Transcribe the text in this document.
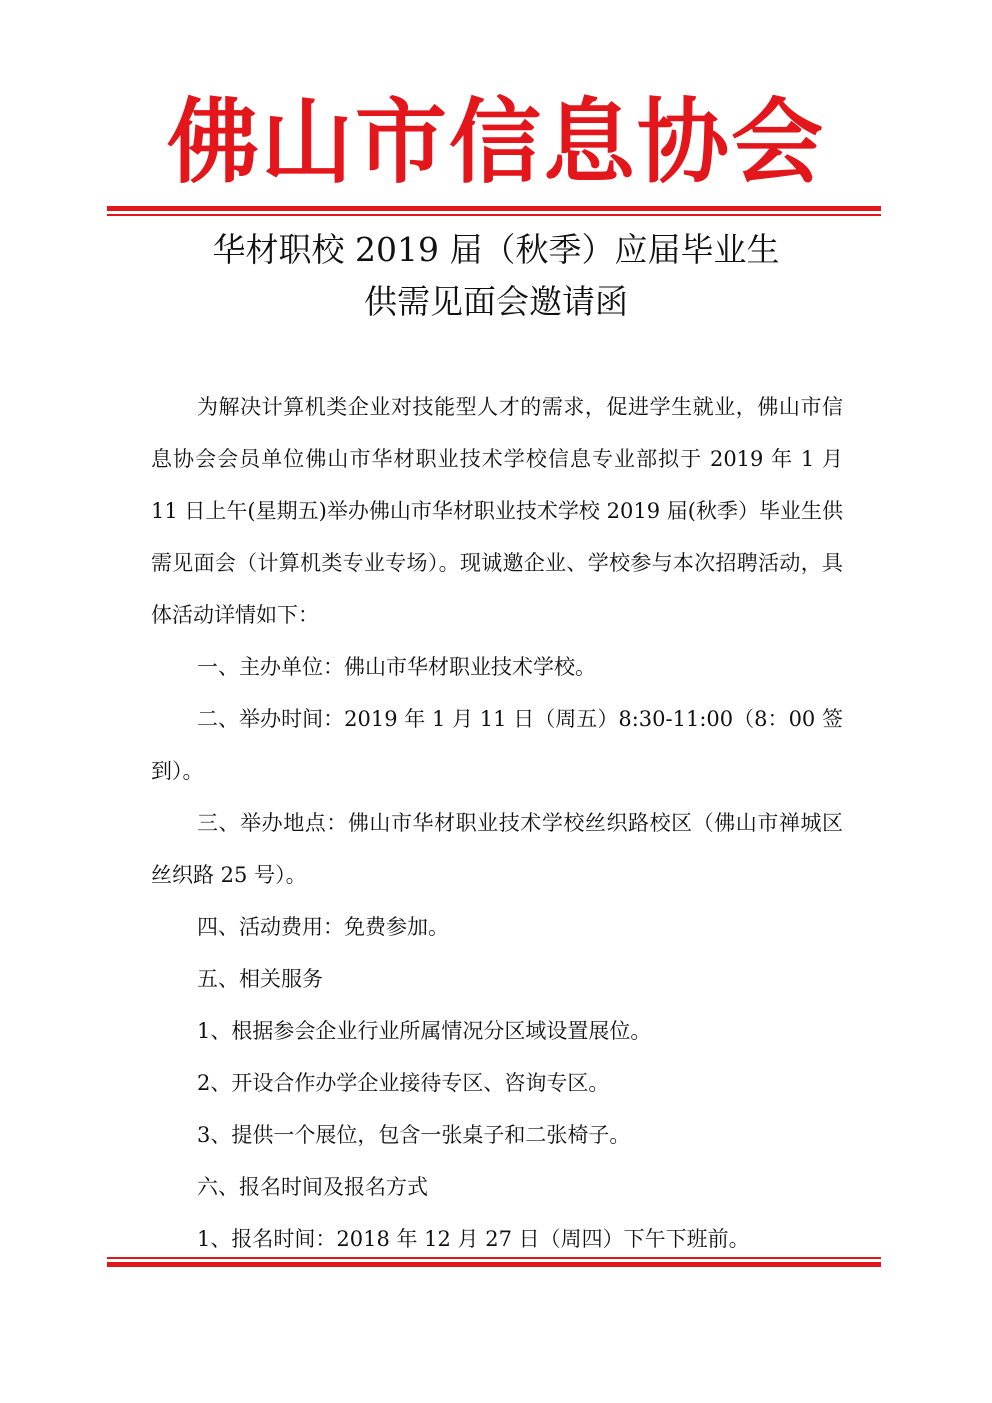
佛山市信息协会
华材职校 2019 届（秋季）应届毕业生
供需见面会邀请函

为解决计算机类企业对技能型人才的需求，促进学生就业，佛山市信息协会会员单位佛山市华材职业技术学校信息专业部拟于 2019 年 1 月 11 日上午(星期五)举办佛山市华材职业技术学校 2019 届(秋季）毕业生供需见面会（计算机类专业专场）。现诚邀企业、学校参与本次招聘活动，具体活动详情如下：

一、主办单位：佛山市华材职业技术学校。

二、举办时间：2019 年 1 月 11 日（周五）8:30-11:00（8：00 签到）。

三、举办地点：佛山市华材职业技术学校丝织路校区（佛山市禅城区丝织路 25 号）。

四、活动费用：免费参加。

五、相关服务

1、根据参会企业行业所属情况分区域设置展位。

2、开设合作办学企业接待专区、咨询专区。

3、提供一个展位，包含一张桌子和二张椅子。

六、报名时间及报名方式

1、报名时间：2018 年 12 月 27 日（周四）下午下班前。
